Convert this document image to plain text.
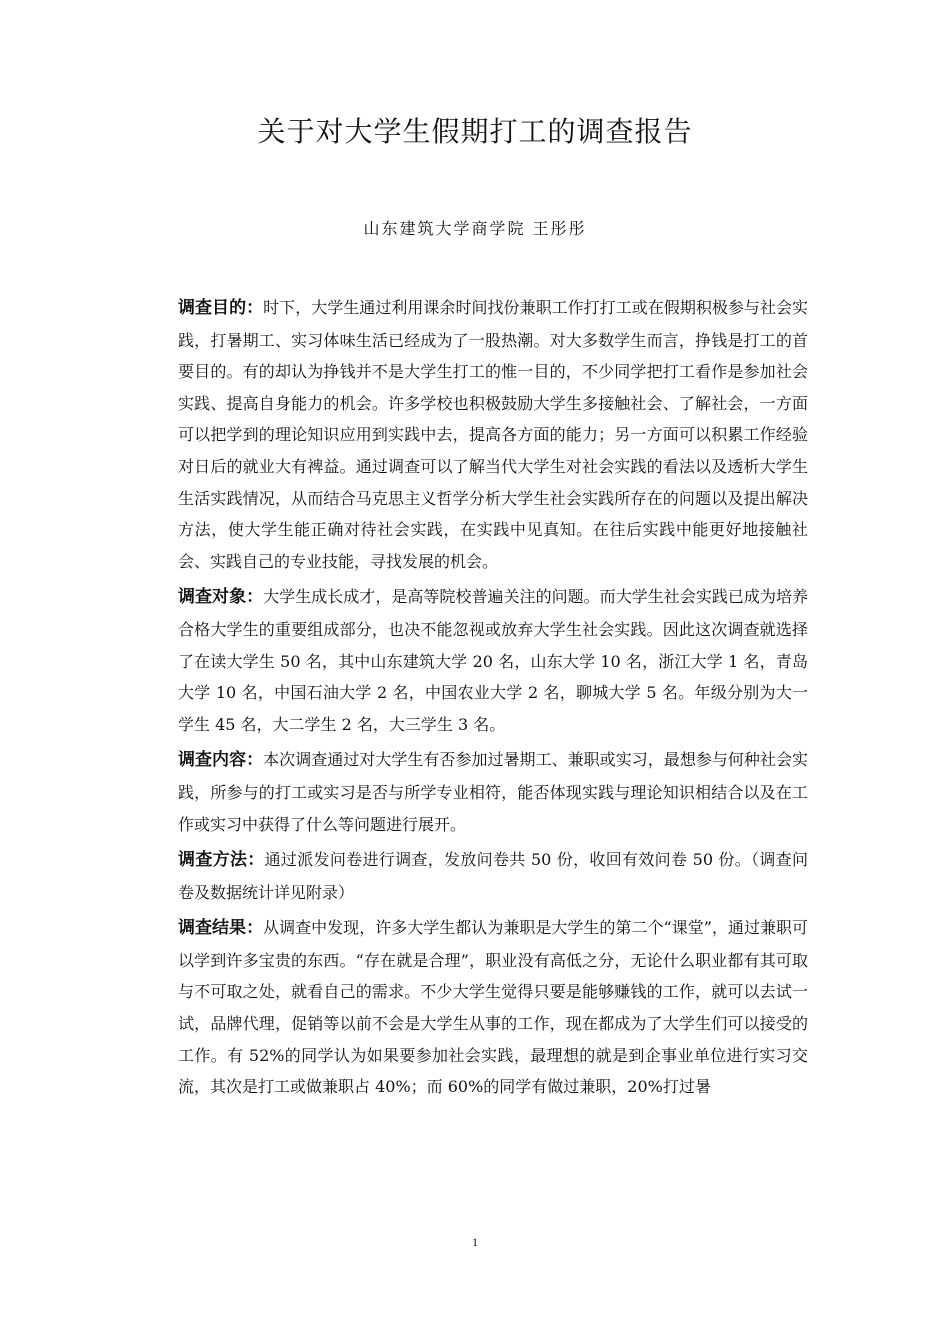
关于对大学生假期打工的调查报告
山东建筑大学商学院 王彤彤

调查目的：时下，大学生通过利用课余时间找份兼职工作打打工或在假期积极参与社会实践，打暑期工、实习体味生活已经成为了一股热潮。对大多数学生而言，挣钱是打工的首要目的。有的却认为挣钱并不是大学生打工的惟一目的，不少同学把打工看作是参加社会实践、提高自身能力的机会。许多学校也积极鼓励大学生多接触社会、了解社会，一方面可以把学到的理论知识应用到实践中去，提高各方面的能力；另一方面可以积累工作经验对日后的就业大有裨益。通过调查可以了解当代大学生对社会实践的看法以及透析大学生生活实践情况，从而结合马克思主义哲学分析大学生社会实践所存在的问题以及提出解决方法，使大学生能正确对待社会实践，在实践中见真知。在往后实践中能更好地接触社会、实践自己的专业技能，寻找发展的机会。

调查对象：大学生成长成才，是高等院校普遍关注的问题。而大学生社会实践已成为培养合格大学生的重要组成部分，也决不能忽视或放弃大学生社会实践。因此这次调查就选择了在读大学生 50 名，其中山东建筑大学 20 名，山东大学 10 名，浙江大学 1 名，青岛大学 10 名，中国石油大学 2 名，中国农业大学 2 名，聊城大学 5 名。年级分别为大一学生 45 名，大二学生 2 名，大三学生 3 名。

调查内容：本次调查通过对大学生有否参加过暑期工、兼职或实习，最想参与何种社会实践，所参与的打工或实习是否与所学专业相符，能否体现实践与理论知识相结合以及在工作或实习中获得了什么等问题进行展开。

调查方法：通过派发问卷进行调查，发放问卷共 50 份，收回有效问卷 50 份。（调查问卷及数据统计详见附录）

调查结果：从调查中发现，许多大学生都认为兼职是大学生的第二个“课堂”，通过兼职可以学到许多宝贵的东西。“存在就是合理”，职业没有高低之分，无论什么职业都有其可取与不可取之处，就看自己的需求。不少大学生觉得只要是能够赚钱的工作，就可以去试一试，品牌代理，促销等以前不会是大学生从事的工作，现在都成为了大学生们可以接受的工作。有 52%的同学认为如果要参加社会实践，最理想的就是到企事业单位进行实习交流，其次是打工或做兼职占 40%；而 60%的同学有做过兼职，20%打过暑

1
